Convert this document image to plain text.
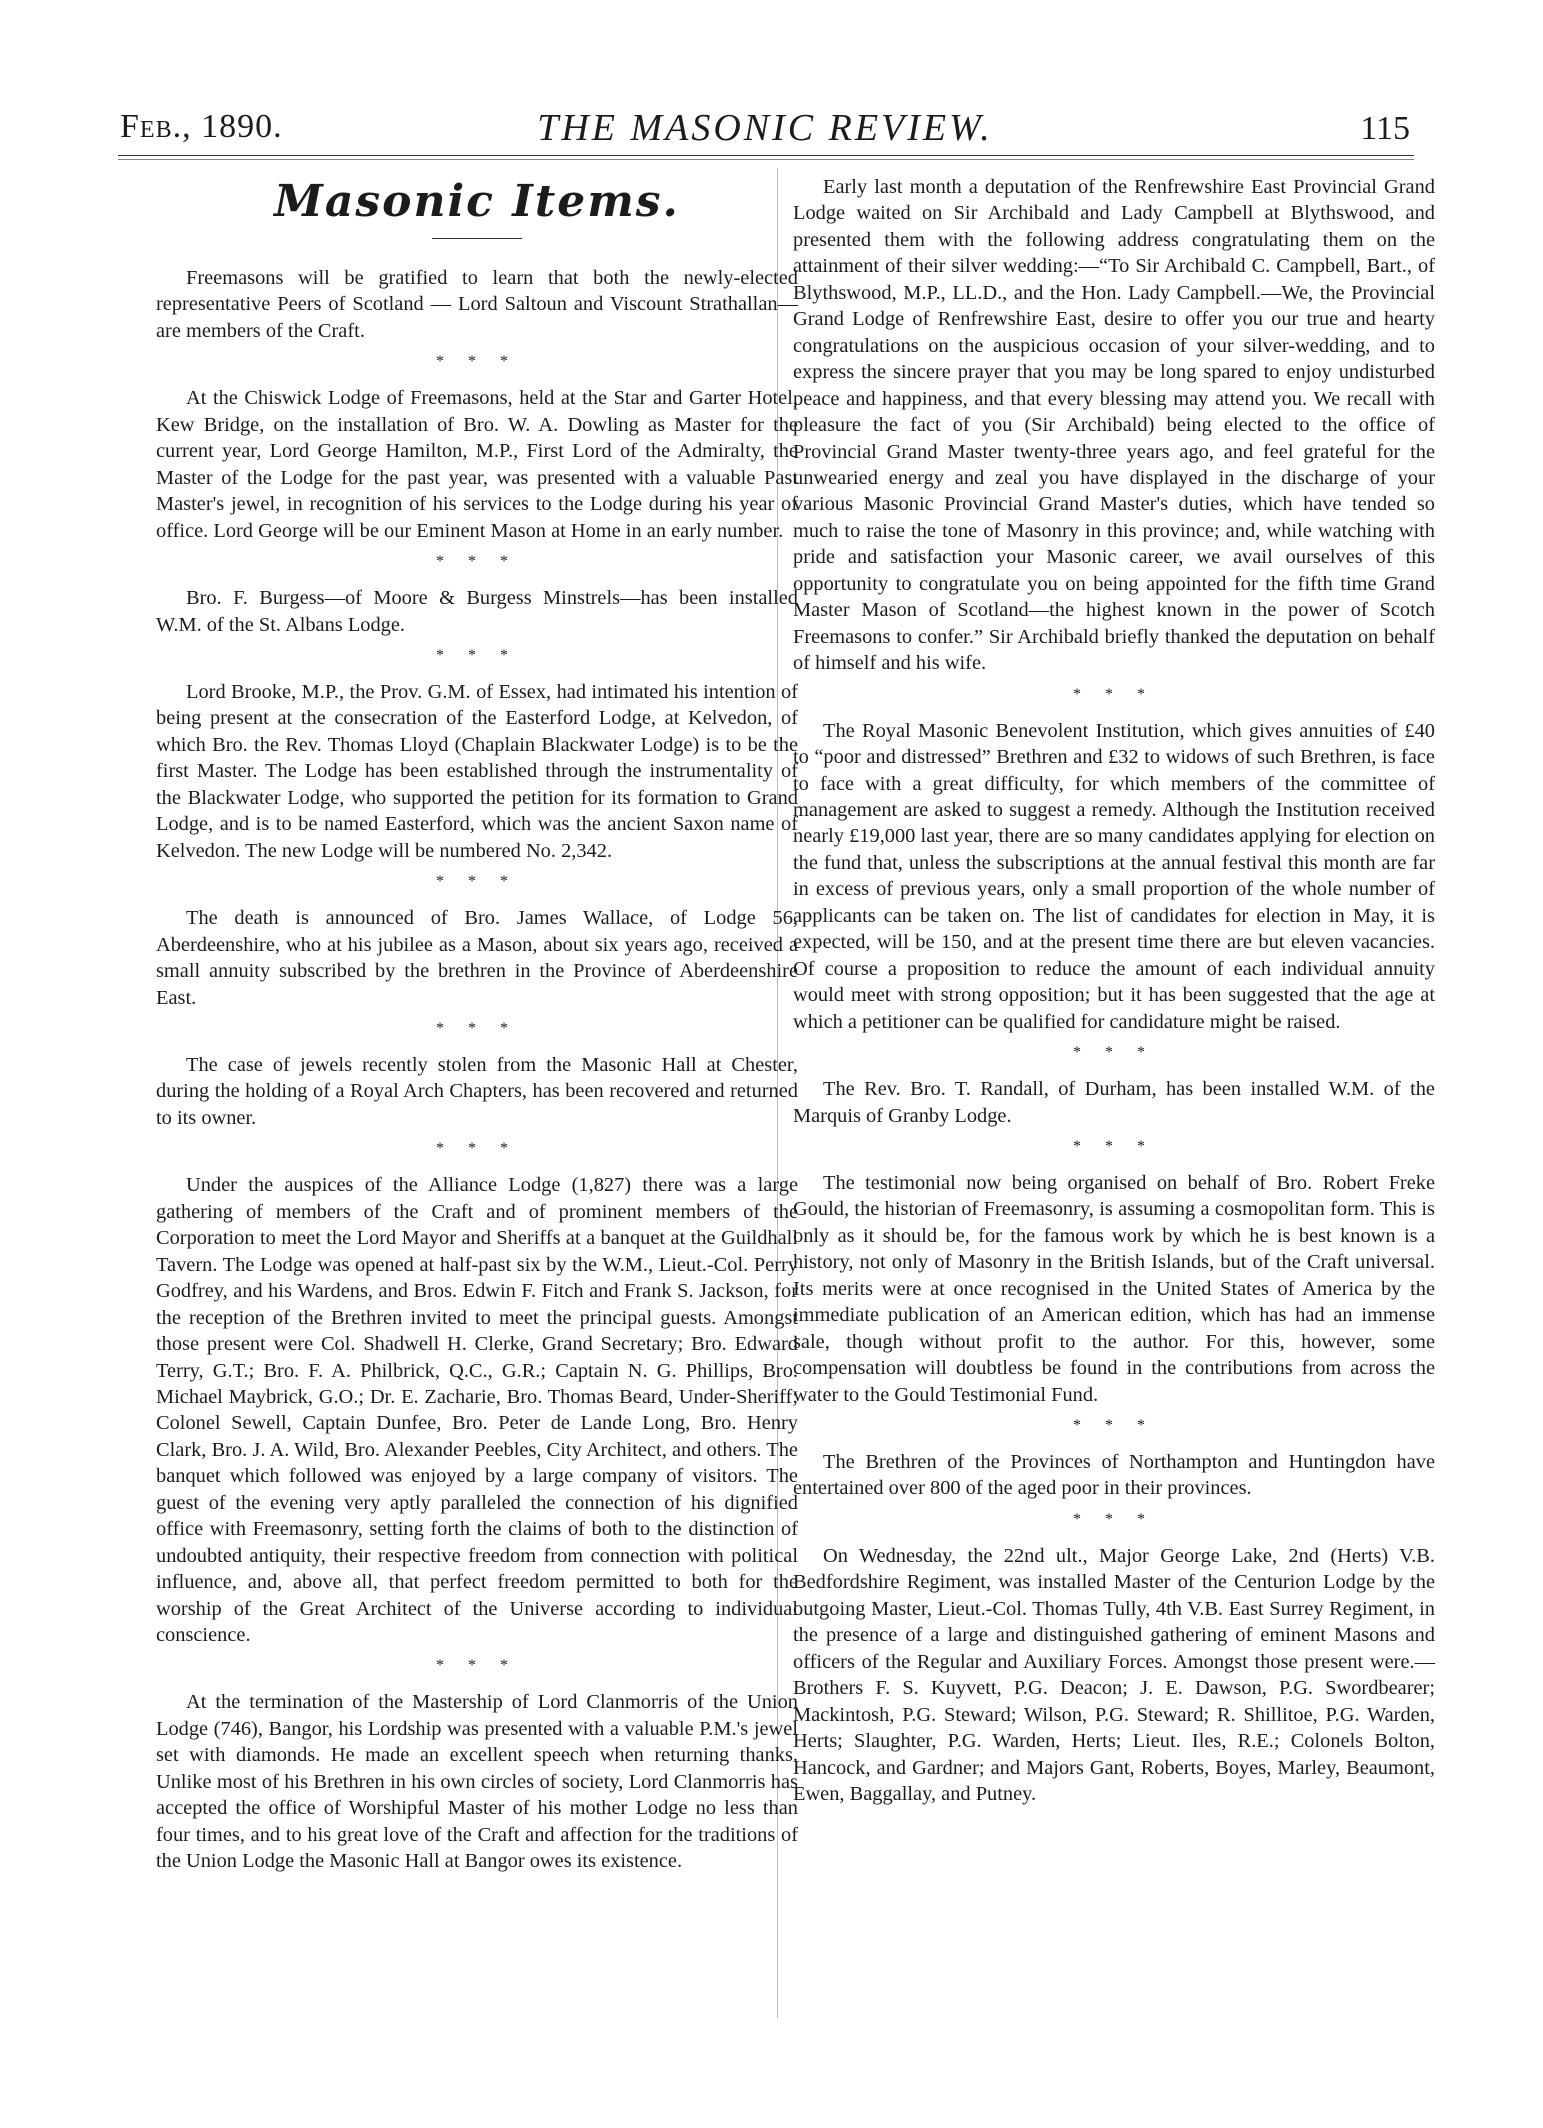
Feb., 1890.	THE MASONIC REVIEW.	115
Masonic Items.

Freemasons will be gratified to learn that both the newly-elected representative Peers of Scotland — Lord Saltoun and Viscount Strathallan—are members of the Craft.

* * *

At the Chiswick Lodge of Freemasons, held at the Star and Garter Hotel, Kew Bridge, on the installation of Bro. W. A. Dowling as Master for the current year, Lord George Hamilton, M.P., First Lord of the Admiralty, the Master of the Lodge for the past year, was presented with a valuable Past Master's jewel, in recognition of his services to the Lodge during his year of office. Lord George will be our Eminent Mason at Home in an early number.

* * *

Bro. F. Burgess—of Moore & Burgess Minstrels—has been installed W.M. of the St. Albans Lodge.

* * *

Lord Brooke, M.P., the Prov. G.M. of Essex, had intimated his intention of being present at the consecration of the Easterford Lodge, at Kelvedon, of which Bro. the Rev. Thomas Lloyd (Chaplain Blackwater Lodge) is to be the first Master. The Lodge has been established through the instrumentality of the Blackwater Lodge, who supported the petition for its formation to Grand Lodge, and is to be named Easterford, which was the ancient Saxon name of Kelvedon. The new Lodge will be numbered No. 2,342.

* * *

The death is announced of Bro. James Wallace, of Lodge 56, Aberdeenshire, who at his jubilee as a Mason, about six years ago, received a small annuity subscribed by the brethren in the Province of Aberdeenshire East.

* * *

The case of jewels recently stolen from the Masonic Hall at Chester, during the holding of a Royal Arch Chapters, has been recovered and returned to its owner.

* * *

Under the auspices of the Alliance Lodge (1,827) there was a large gathering of members of the Craft and of prominent members of the Corporation to meet the Lord Mayor and Sheriffs at a banquet at the Guildhall Tavern. The Lodge was opened at half-past six by the W.M., Lieut.-Col. Perry Godfrey, and his Wardens, and Bros. Edwin F. Fitch and Frank S. Jackson, for the reception of the Brethren invited to meet the principal guests. Amongst those present were Col. Shadwell H. Clerke, Grand Secretary; Bro. Edward Terry, G.T.; Bro. F. A. Philbrick, Q.C., G.R.; Captain N. G. Phillips, Bro. Michael Maybrick, G.O.; Dr. E. Zacharie, Bro. Thomas Beard, Under-Sheriff; Colonel Sewell, Captain Dunfee, Bro. Peter de Lande Long, Bro. Henry Clark, Bro. J. A. Wild, Bro. Alexander Peebles, City Architect, and others. The banquet which followed was enjoyed by a large company of visitors. The guest of the evening very aptly paralleled the connection of his dignified office with Freemasonry, setting forth the claims of both to the distinction of undoubted antiquity, their respective freedom from connection with political influence, and, above all, that perfect freedom permitted to both for the worship of the Great Architect of the Universe according to individual conscience.

* * *

At the termination of the Mastership of Lord Clanmorris of the Union Lodge (746), Bangor, his Lordship was presented with a valuable P.M.'s jewel set with diamonds. He made an excellent speech when returning thanks. Unlike most of his Brethren in his own circles of society, Lord Clanmorris has accepted the office of Worshipful Master of his mother Lodge no less than four times, and to his great love of the Craft and affection for the traditions of the Union Lodge the Masonic Hall at Bangor owes its existence.

Early last month a deputation of the Renfrewshire East Provincial Grand Lodge waited on Sir Archibald and Lady Campbell at Blythswood, and presented them with the following address congratulating them on the attainment of their silver wedding:—“To Sir Archibald C. Campbell, Bart., of Blythswood, M.P., LL.D., and the Hon. Lady Campbell.—We, the Provincial Grand Lodge of Renfrewshire East, desire to offer you our true and hearty congratulations on the auspicious occasion of your silver-wedding, and to express the sincere prayer that you may be long spared to enjoy undisturbed peace and happiness, and that every blessing may attend you. We recall with pleasure the fact of you (Sir Archibald) being elected to the office of Provincial Grand Master twenty-three years ago, and feel grateful for the unwearied energy and zeal you have displayed in the discharge of your various Masonic Provincial Grand Master's duties, which have tended so much to raise the tone of Masonry in this province; and, while watching with pride and satisfaction your Masonic career, we avail ourselves of this opportunity to congratulate you on being appointed for the fifth time Grand Master Mason of Scotland—the highest known in the power of Scotch Freemasons to confer.” Sir Archibald briefly thanked the deputation on behalf of himself and his wife.

* * *

The Royal Masonic Benevolent Institution, which gives annuities of £40 to “poor and distressed” Brethren and £32 to widows of such Brethren, is face to face with a great difficulty, for which members of the committee of management are asked to suggest a remedy. Although the Institution received nearly £19,000 last year, there are so many candidates applying for election on the fund that, unless the subscriptions at the annual festival this month are far in excess of previous years, only a small proportion of the whole number of applicants can be taken on. The list of candidates for election in May, it is expected, will be 150, and at the present time there are but eleven vacancies. Of course a proposition to reduce the amount of each individual annuity would meet with strong opposition; but it has been suggested that the age at which a petitioner can be qualified for candidature might be raised.

* * *

The Rev. Bro. T. Randall, of Durham, has been installed W.M. of the Marquis of Granby Lodge.

* * *

The testimonial now being organised on behalf of Bro. Robert Freke Gould, the historian of Freemasonry, is assuming a cosmopolitan form. This is only as it should be, for the famous work by which he is best known is a history, not only of Masonry in the British Islands, but of the Craft universal. Its merits were at once recognised in the United States of America by the immediate publication of an American edition, which has had an immense sale, though without profit to the author. For this, however, some compensation will doubtless be found in the contributions from across the water to the Gould Testimonial Fund.

* * *

The Brethren of the Provinces of Northampton and Huntingdon have entertained over 800 of the aged poor in their provinces.

* * *

On Wednesday, the 22nd ult., Major George Lake, 2nd (Herts) V.B. Bedfordshire Regiment, was installed Master of the Centurion Lodge by the outgoing Master, Lieut.-Col. Thomas Tully, 4th V.B. East Surrey Regiment, in the presence of a large and distinguished gathering of eminent Masons and officers of the Regular and Auxiliary Forces. Amongst those present were.—Brothers F. S. Kuyvett, P.G. Deacon; J. E. Dawson, P.G. Swordbearer; Mackintosh, P.G. Steward; Wilson, P.G. Steward; R. Shillitoe, P.G. Warden, Herts; Slaughter, P.G. Warden, Herts; Lieut. Iles, R.E.; Colonels Bolton, Hancock, and Gardner; and Majors Gant, Roberts, Boyes, Marley, Beaumont, Ewen, Baggallay, and Putney.
